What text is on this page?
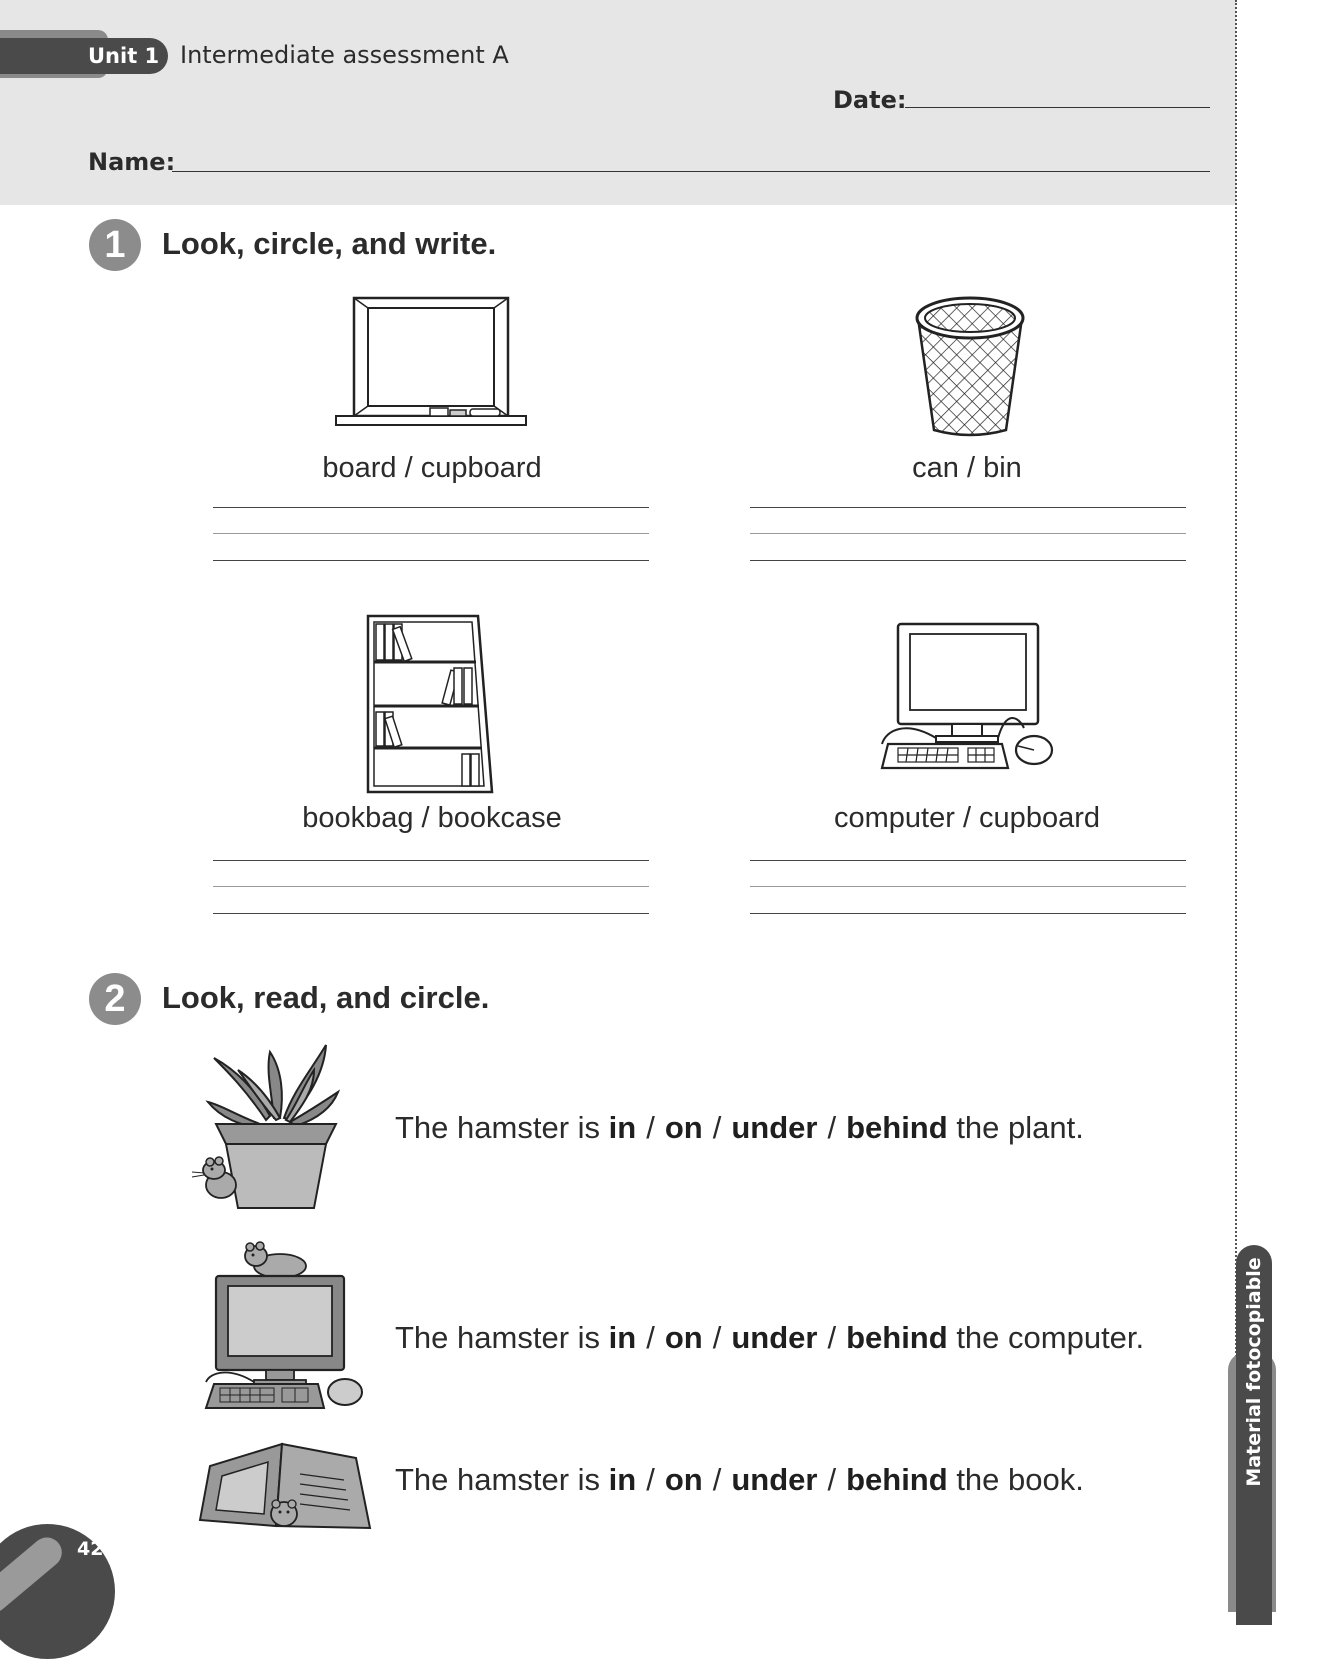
Unit 1 Intermediate assessment A
Date:
Name:
1	Look, circle, and write.
board / cupboard	can / bin
bookbag / bookcase	computer / cupboard
2	Look, read, and circle.
The hamster is in / on / under / behind the plant.
The hamster is in / on / under / behind the computer.
The hamster is in / on / under / behind the book.	Material fotocopiable
42
